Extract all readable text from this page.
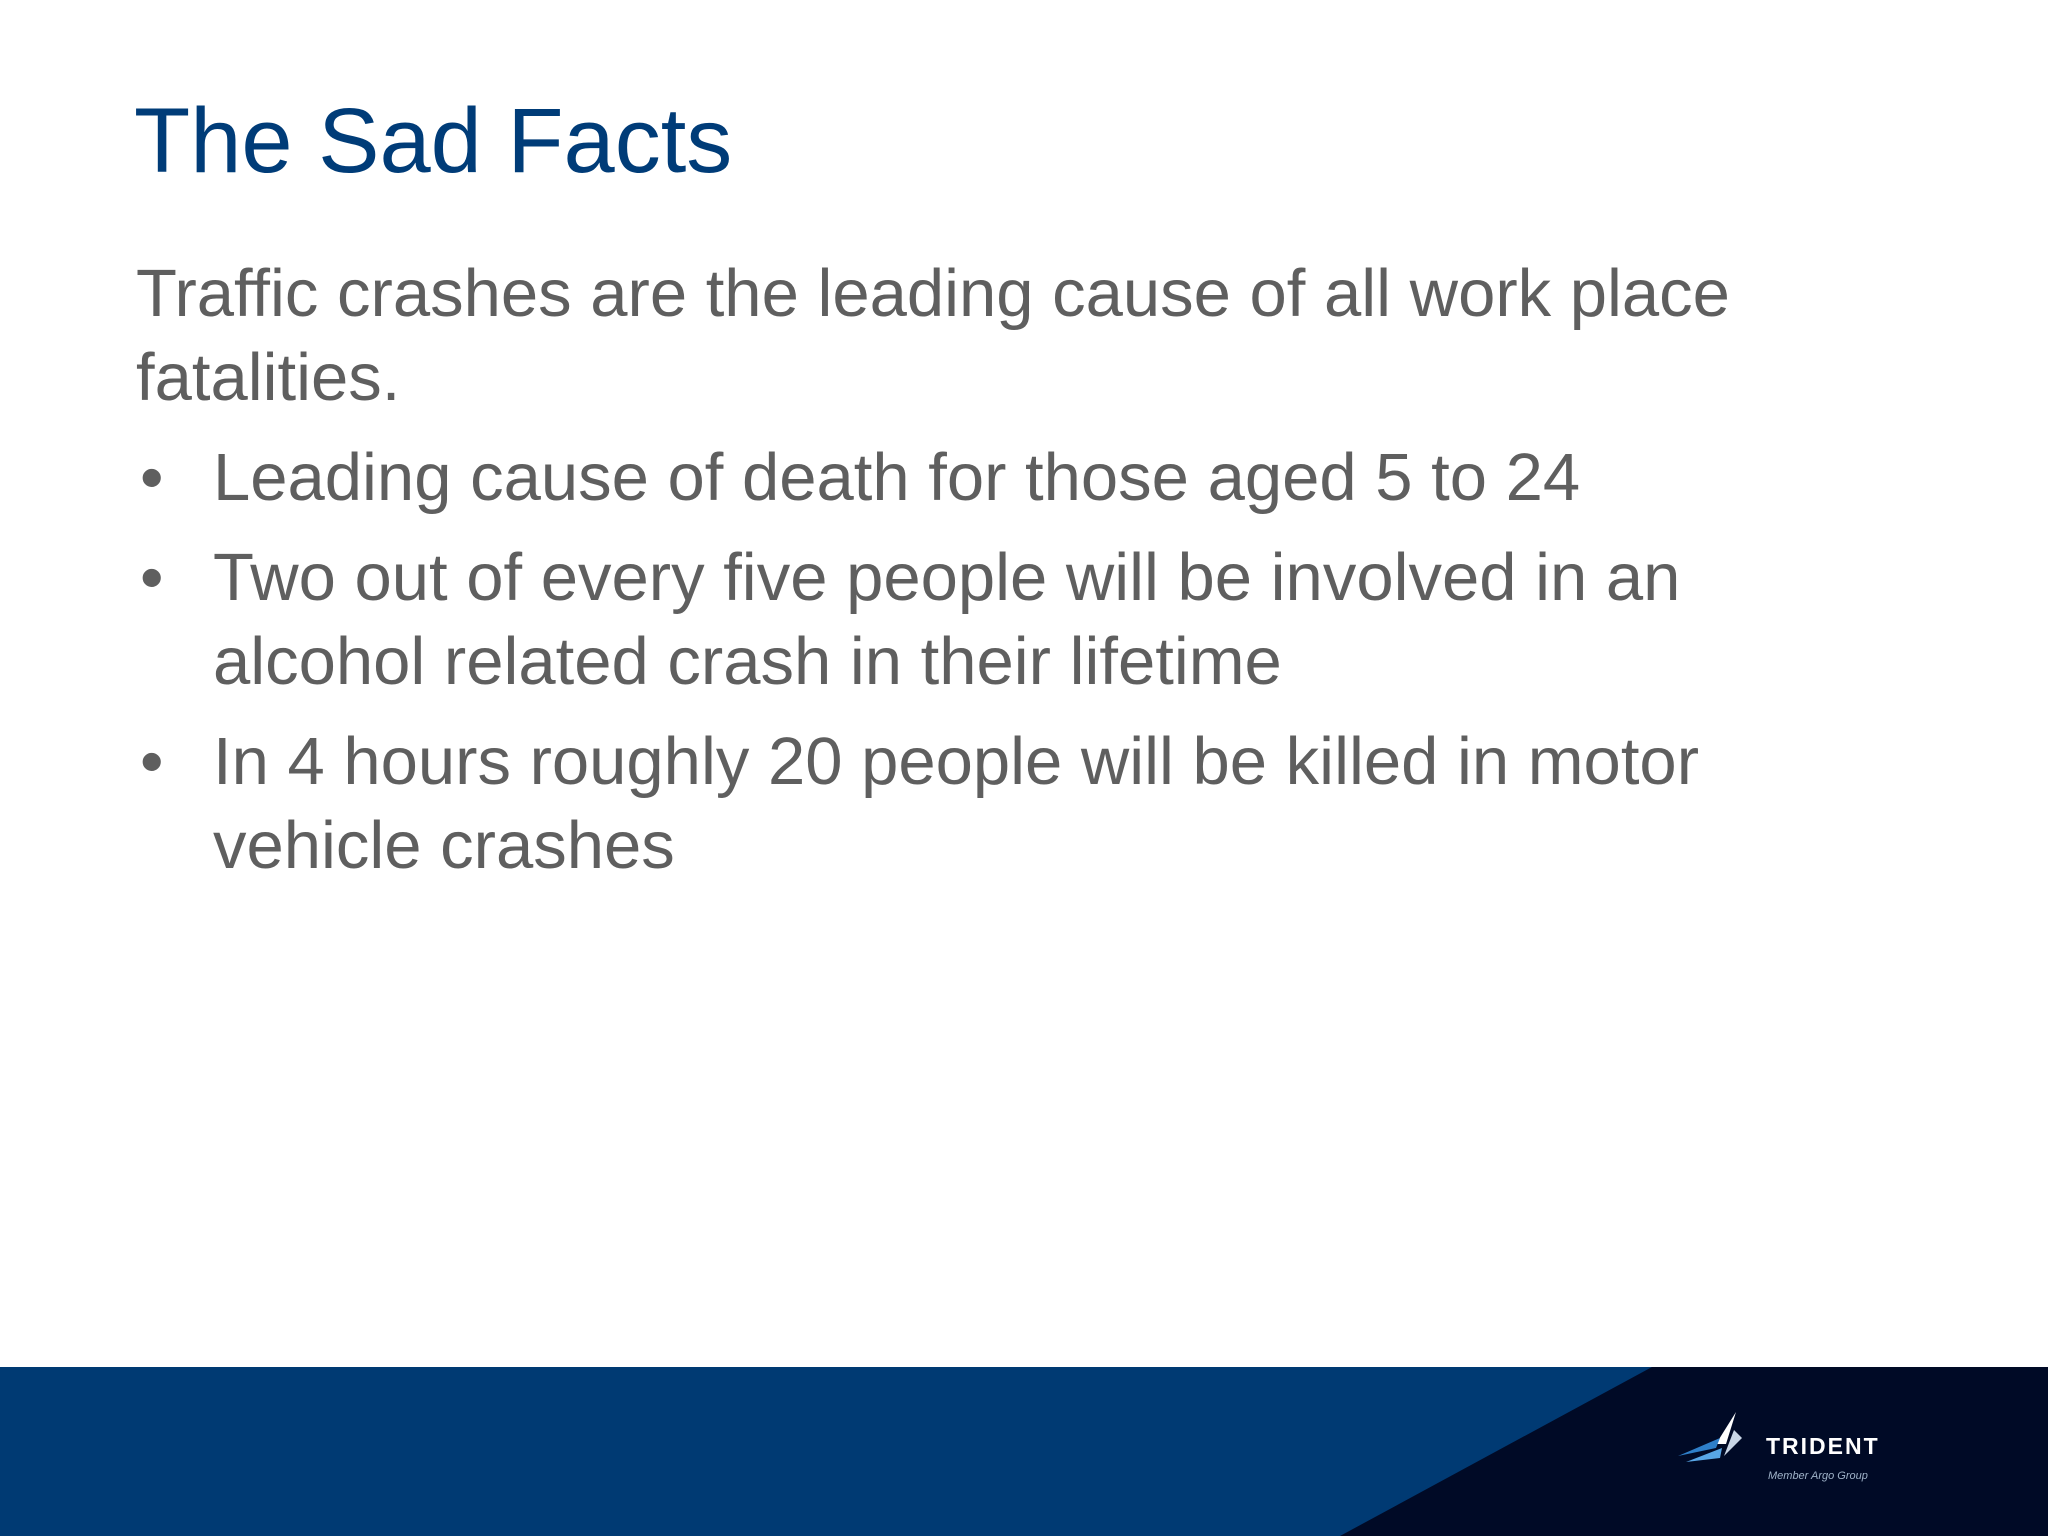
The Sad Facts

Traffic crashes are the leading cause of all work place fatalities.

• Leading cause of death for those aged 5 to 24
• Two out of every five people will be involved in an alcohol related crash in their lifetime
• In 4 hours roughly 20 people will be killed in motor vehicle crashes
TRIDENT
Member Argo Group
